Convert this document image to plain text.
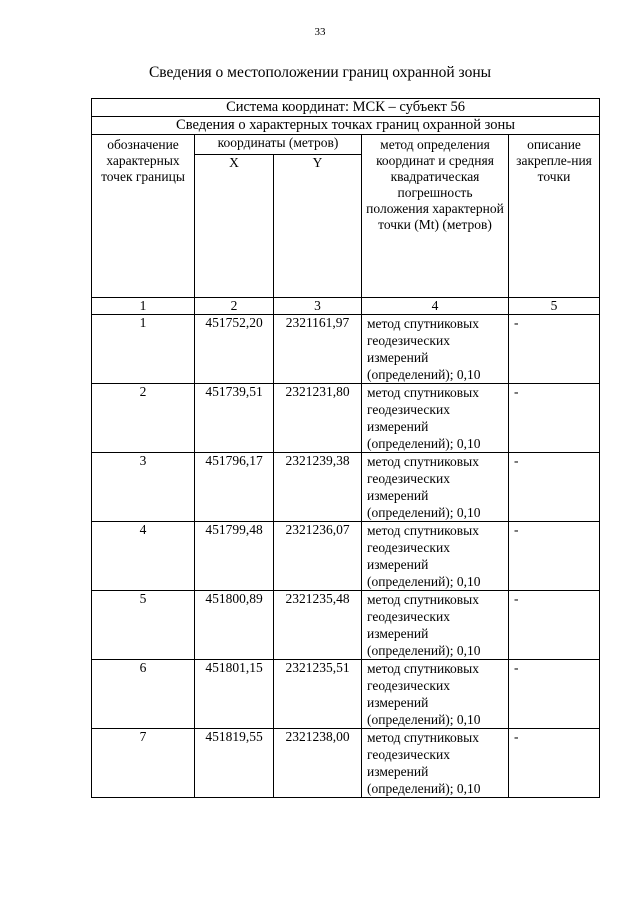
33
Сведения о местоположении границ охранной зоны
Система координат: МСК – субъект 56				
Сведения о характерных точках границ охранной зоны				
обозначение характерных точек границы	координаты (метров)		метод определения координат и средняя квадратическая погрешность положения характерной точки (Mt) (метров)	описание закрепле-ния точки
	X	Y		
1	2	3	4	5
1	451752,20	2321161,97	метод спутниковых геодезических измерений (определений); 0,10	-
2	451739,51	2321231,80	метод спутниковых геодезических измерений (определений); 0,10	-
3	451796,17	2321239,38	метод спутниковых геодезических измерений (определений); 0,10	-
4	451799,48	2321236,07	метод спутниковых геодезических измерений (определений); 0,10	-
5	451800,89	2321235,48	метод спутниковых геодезических измерений (определений); 0,10	-
6	451801,15	2321235,51	метод спутниковых геодезических измерений (определений); 0,10	-
7	451819,55	2321238,00	метод спутниковых геодезических измерений (определений); 0,10	-
